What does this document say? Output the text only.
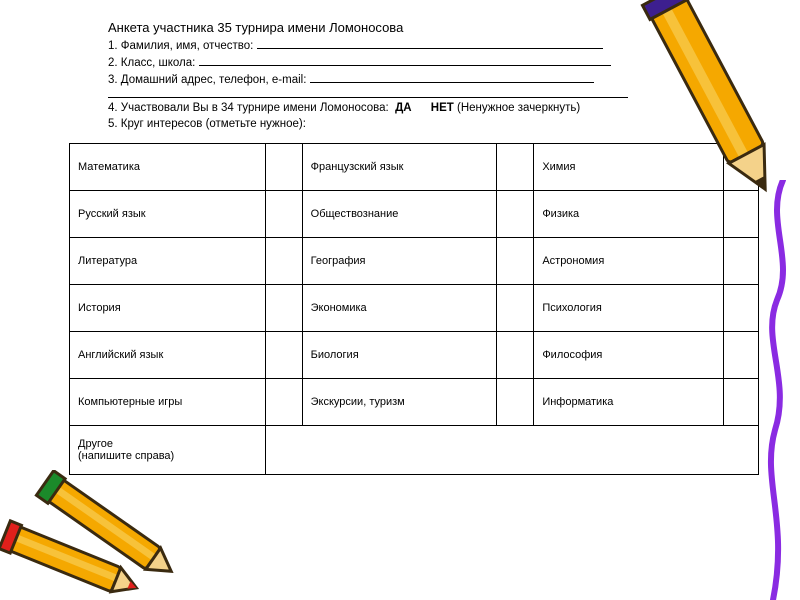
Анкета участника 35 турнира имени Ломоносова
1. Фамилия, имя, отчество:
2. Класс, школа:
3. Домашний адрес, телефон, e-mail:
4. Участвовали Вы в 34 турнире имени Ломоносова: ДА НЕТ (Ненужное зачеркнуть)
5. Круг интересов (отметьте нужное):
Математика		Французский язык		Химия	
Русский язык		Обществознание		Физика	
Литература		География		Астрономия	
История		Экономика		Психология	
Английский язык		Биология		Философия	
Компьютерные игры		Экскурсии, туризм		Информатика	

Другое
(напишите справа)					
